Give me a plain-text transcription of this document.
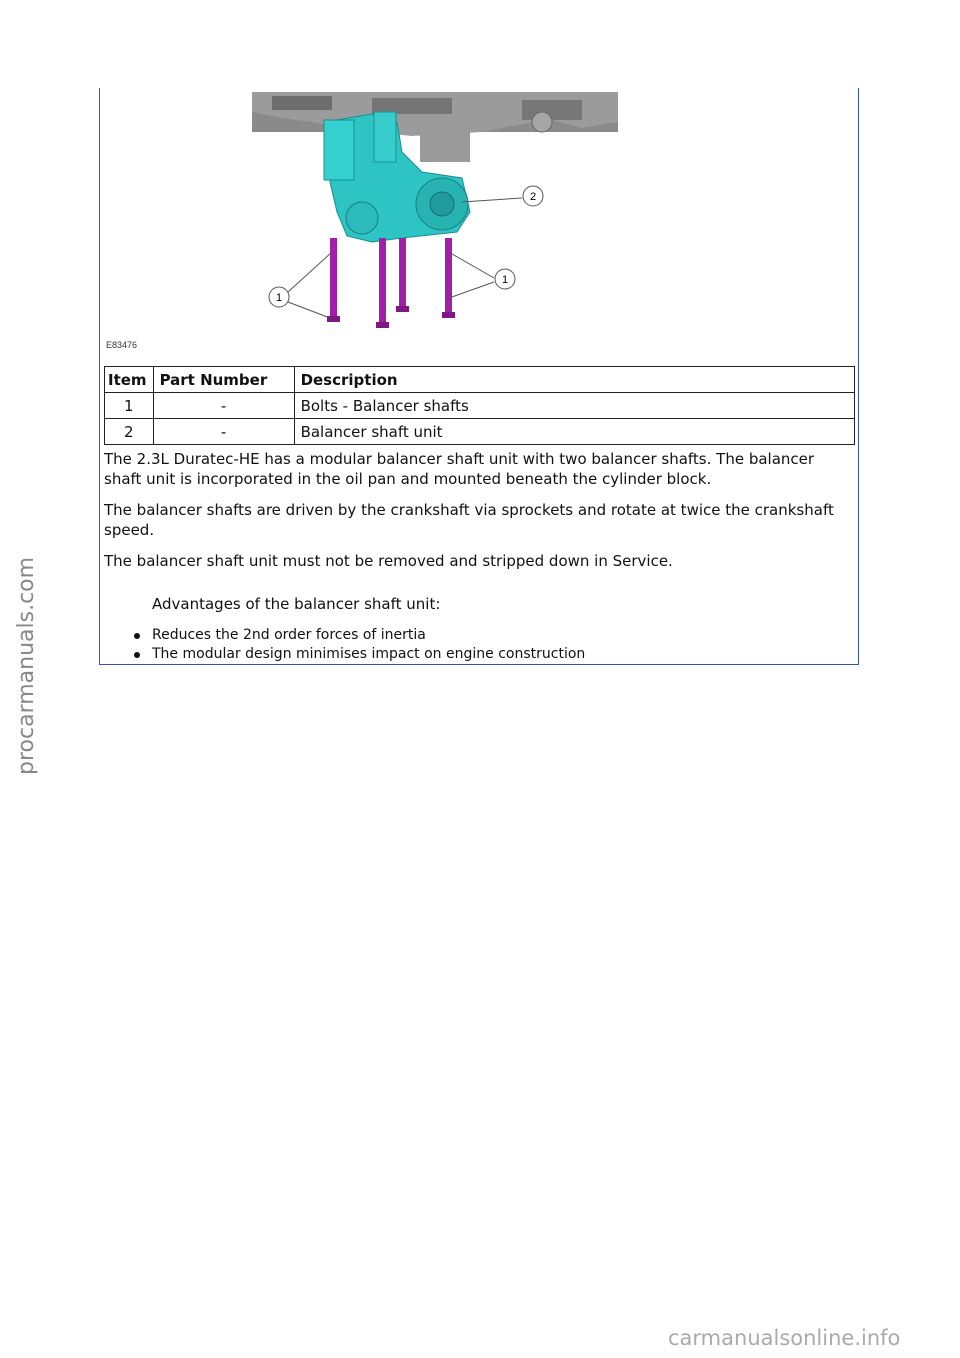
2
1
1
E83476
Item	Part Number	Description
1	-	Bolts - Balancer shafts
2	-	Balancer shaft unit

The 2.3L Duratec-HE has a modular balancer shaft unit with two balancer shafts. The balancer shaft unit is incorporated in the oil pan and mounted beneath the cylinder block.

The balancer shafts are driven by the crankshaft via sprockets and rotate at twice the crankshaft speed.

The balancer shaft unit must not be removed and stripped down in Service.

Advantages of the balancer shaft unit:

Reduces the 2nd order forces of inertia
The modular design minimises impact on engine construction
procarmanuals.com
carmanualsonline.info
